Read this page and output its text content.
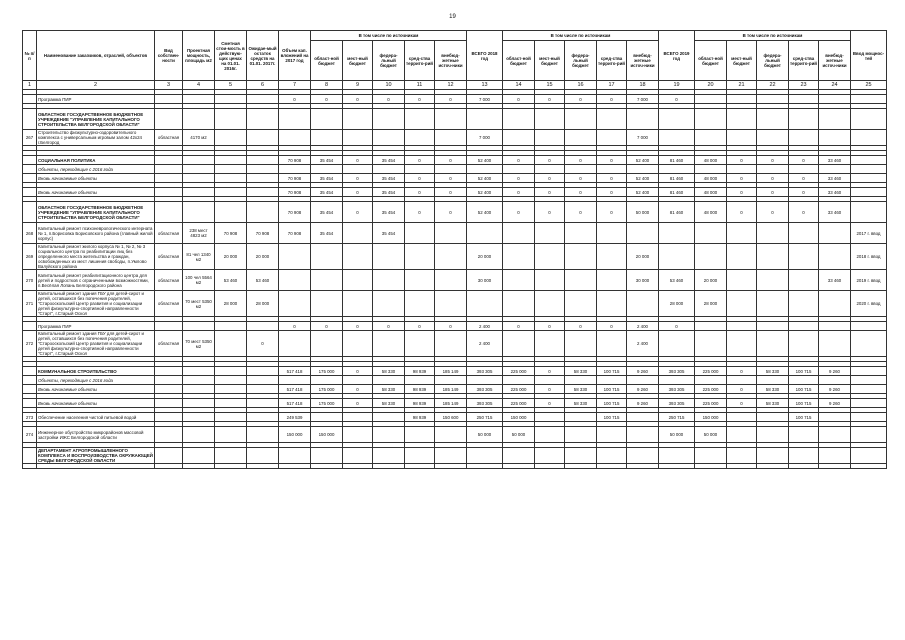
19
№ п/п	Наименование заказчиков, отраслей, объектов	Вид собствен-ности	Проектная мощность, площадь м2	Сметная стои-мость в действую-щих ценах на 01.01. 2016г.	Ожидае-мый остаток средств на 01.01. 2017г.	Объем кап. вложений на 2017 год	В том числе по источникам					ВСЕГО 2018 год	В том числе по источникам					ВСЕГО 2019 год	В том числе по источникам					Ввод мощнос-тей
							област-ной бюджет	мест-ный бюджет	федера-льный бюджет	сред-ства террито-рий	внебюд-жетные источ-ники		област-ной бюджет	мест-ный бюджет	федера-льный бюджет	сред-ства террито-рий	внебюд-жетные источ-ники		област-ной бюджет	мест-ный бюджет	федера-льный бюджет	сред-ства террито-рий	внебюд-жетные источ-ники	
1	2	3	4	5	6	7	8	9	10	11	12	13	14	15	16	17	18	19	20	21	22	23	24	25

	Программа ПИР					0	0	0	0	0	0	7 000	0	0	0	0	7 000	0						

	ОБЛАСТНОЕ ГОСУДАРСТВЕННОЕ БЮДЖЕТНОЕ УЧРЕЖДЕНИЕ "УПРАВЛЕНИЕ КАПИТАЛЬНОГО СТРОИТЕЛЬСТВА БЕЛГОРОДСКОЙ ОБЛАСТИ"																							
267	Строительство физкультурно-оздоровительного комплекса с универсальным игровым залом 42х24 г.Белгород	областная	4170 м2									7 000					7 000							

	СОЦИАЛЬНАЯ ПОЛИТИКА					70 908	35 454	0	35 454	0	0	52 400	0	0	0	0	52 400	81 460	48 000	0	0	0	33 460	
	Объекты, переходящие с 2016 года																							
	Вновь начинаемые объекты					70 908	35 454	0	35 454	0	0	52 400	0	0	0	0	52 400	81 460	48 000	0	0	0	33 460	

	Вновь начинаемые объекты					70 908	35 454	0	35 454	0	0	52 400	0	0	0	0	52 400	81 460	48 000	0	0	0	33 460	

	ОБЛАСТНОЕ ГОСУДАРСТВЕННОЕ БЮДЖЕТНОЕ УЧРЕЖДЕНИЕ "УПРАВЛЕНИЕ КАПИТАЛЬНОГО СТРОИТЕЛЬСТВА БЕЛГОРОДСКОЙ ОБЛАСТИ"					70 908	35 454	0	35 454	0	0	52 400	0	0	0	0	50 000	81 460	48 000	0	0	0	33 460	
268	Капитальный ремонт психоневрологического интерната № 1, п.Борисовка Борисовского района (главный жилой корпус)	областная	238 мест 4823 м2	70 908	70 908	70 908	35 454		35 454															2017 г. ввод
269	Капитальный ремонт жилого корпуса № 1, № 2, № 3 социального центра по реабилитации лиц без определенного места жительства и граждан, освобожденных из мест лишения свободы, п.Умлово Валуйского района	областная	81 чел 1340 м2	20 000	20 000							20 000					20 000							2018 г. ввод
270	Капитальный ремонт реабилитационного центра для детей и подростков с ограниченными возможностями, п.Весёлая Лопань Белгородского района	областная	100 чел 5564 м2	53 460	53 460							30 000					30 000	53 460	20 000				33 460	2019 г. ввод
271	Капитальный ремонт здания ГБУ для детей-сирот и детей, оставшихся без попечения родителей, "Старооскольский Центр развития и социализации детей физкультурно-спортивной направленности "Старт", г.Старый Оскол	областная	70 мест 5350 м2	28 000	28 000													28 000	28 000					2020 г. ввод

	Программа ПИР					0	0	0	0	0	0	2 400	0	0	0	0	2 400	0						
272	Капитальный ремонт здания ГБУ для детей-сирот и детей, оставшихся без попечения родителей, "Старооскольский Центр развития и социализации детей физкультурно-спортивной направленности "Старт", г.Старый Оскол	областная	70 мест 5350 м2		0							2 400					2 400							

	КОММУНАЛЬНОЕ СТРОИТЕЛЬСТВО					517 418	175 000	0	58 330	98 939	185 149	393 305	225 000	0	58 330	100 715	9 260	393 305	225 000	0	58 330	100 715	9 260	
	Объекты, переходящие с 2016 года																							
	Вновь начинаемые объекты					517 418	175 000	0	58 330	98 939	185 149	393 305	225 000	0	58 330	100 715	9 260	393 305	225 000	0	58 330	100 715	9 260	

	Вновь начинаемые объекты					517 418	175 000	0	58 330	98 939	185 149	393 305	225 000	0	58 330	100 715	9 260	393 305	225 000	0	58 330	100 715	9 260	

273	Обеспечение населения чистой питьевой водой					249 539				98 939	150 600	250 715	150 000			100 715		250 715	150 000			100 715		

274	Инженерное обустройство микрорайонов массовой застройки ИЖС Белгородской области					150 000	150 000					50 000	50 000					50 000	50 000					

	ДЕПАРТАМЕНТ АГРОПРОМЫШЛЕННОГО КОМПЛЕКСА И ВОСПРОИЗВОДСТВА ОКРУЖАЮЩЕЙ СРЕДЫ БЕЛГОРОДСКОЙ ОБЛАСТИ																							
